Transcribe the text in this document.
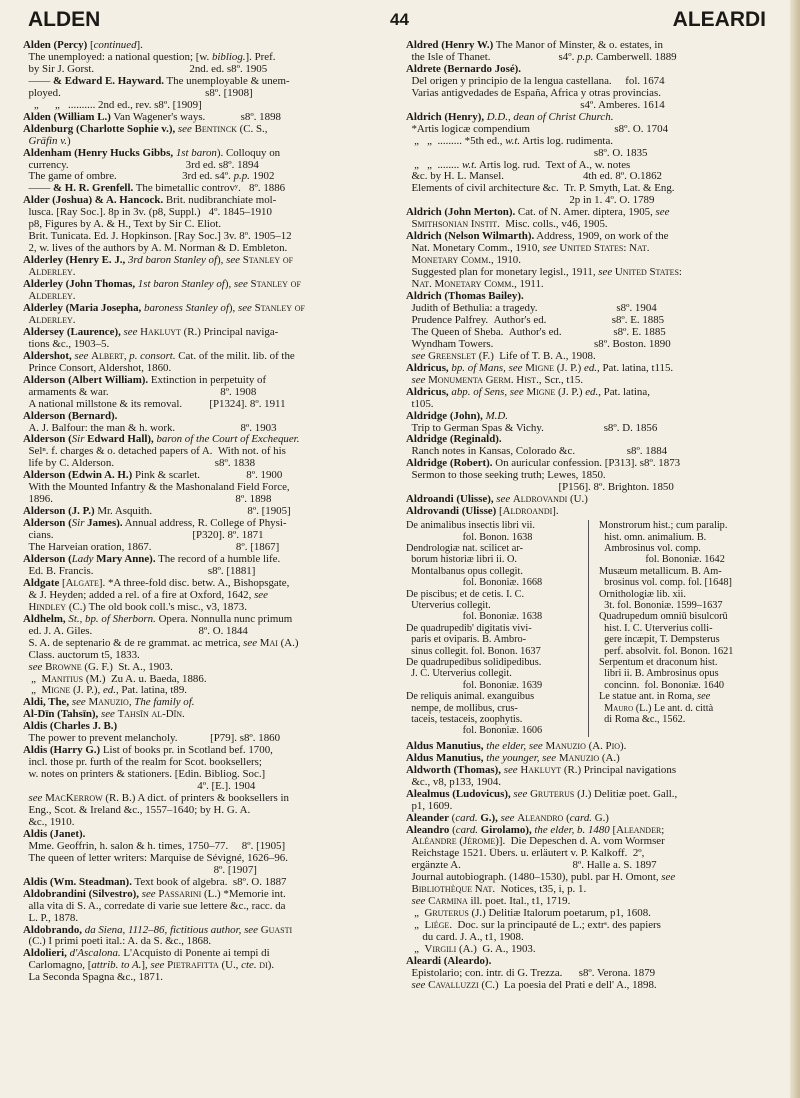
ALDEN	44	ALEARDI
Alden (Percy) [continued].
The unemployed: a national question; [w. bibliog.]. Pref.
by Sir J. Gorst.                                   2nd. ed. s8º. 1905
—— & Edward E. Hayward. The unemployable & unem-
ployed.                                                     s8º. [1908]
„      „   .......... 2nd ed., rev. s8º. [1909]
Alden (William L.) Van Wagener's ways.             s8º. 1898
Aldenburg (Charlotte Sophie v.), see Bentinck (C. S.,
Gräfin v.)
Aldenham (Henry Hucks Gibbs, 1st baron). Colloquy on
currency.                                           3rd ed. s8º. 1894
The game of ombre.                        3rd ed. s4º. p.p. 1902
—— & H. R. Grenfell. The bimetallic controvʸ.   8º. 1886
Alder (Joshua) & A. Hancock. Brit. nudibranchiate mol-
lusca. [Ray Soc.]. 8p in 3v. (p8, Suppl.)   4º. 1845–1910
p8, Figures by A. & H., Text by Sir C. Eliot.
Brit. Tunicata. Ed. J. Hopkinson. [Ray Soc.] 3v. 8º. 1905–12
2, w. lives of the authors by A. M. Norman & D. Embleton.
Alderley (Henry E. J., 3rd baron Stanley of), see Stanley of
Alderley.
Alderley (John Thomas, 1st baron Stanley of), see Stanley of
Alderley.
Alderley (Maria Josepha, baroness Stanley of), see Stanley of
Alderley.
Aldersey (Laurence), see Hakluyt (R.) Principal naviga-
tions &c., 1903–5.
Aldershot, see Albert, p. consort. Cat. of the milit. lib. of the
Prince Consort, Aldershot, 1860.
Alderson (Albert William). Extinction in perpetuity of
armaments & war.                                         8º. 1908
A national millstone & its removal.          [P1324]. 8º. 1911
Alderson (Bernard).
A. J. Balfour: the man & h. work.                        8º. 1903
Alderson (Sir Edward Hall), baron of the Court of Exchequer.
Selⁿ. f. charges & o. detached papers of A.  With not. of his
life by C. Alderson.                                     s8º. 1838
Alderson (Edwin A. H.) Pink & scarlet.                 8º. 1900
With the Mounted Infantry & the Mashonaland Field Force,
1896.                                                                   8º. 1898
Alderson (J. P.) Mr. Asquith.                                   8º. [1905]
Alderson (Sir James). Annual address, R. College of Physi-
cians.                                                   [P320]. 8º. 1871
The Harveian oration, 1867.                               8º. [1867]
Alderson (Lady Mary Anne). The record of a humble life.
Ed. B. Francis.                                          s8º. [1881]
Aldgate [Algate]. *A three-fold disc. betw. A., Bishopsgate,
& J. Heyden; added a rel. of a fire at Oxford, 1642, see
Hindley (C.) The old book coll.'s misc., v3, 1873.
Aldhelm, St., bp. of Sherborn. Opera. Nonnulla nunc primum
ed. J. A. Giles.                                       8º. O. 1844
S. A. de septenario & de re grammat. ac metrica, see Mai (A.)
Class. auctorum t5, 1833.
see Browne (G. F.)  St. A., 1903.
„  Manitius (M.)  Zu A. u. Baeda, 1886.
„  Migne (J. P.), ed., Pat. latina, t89.
Aldi, The, see Manuzio, The family of.
Al-Dīn (Tahsīn), see Tahsīn al-Dīn.
Aldis (Charles J. B.)
The power to prevent melancholy.            [P79]. s8º. 1860
Aldis (Harry G.) List of books pr. in Scotland bef. 1700,
incl. those pr. furth of the realm for Scot. booksellers;
w. notes on printers & stationers. [Edin. Bibliog. Soc.]
4º. [E.]. 1904
see MacKerrow (R. B.) A dict. of printers & booksellers in
Eng., Scot. & Ireland &c., 1557–1640; by H. G. A.
&c., 1910.
Aldis (Janet).
Mme. Geoffrin, h. salon & h. times, 1750–77.     8º. [1905]
The queen of letter writers: Marquise de Sévigné, 1626–96.
8º. [1907]
Aldis (Wm. Steadman). Text book of algebra.  s8º. O. 1887
Aldobrandini (Silvestro), see Passarini (L.) *Memorie int.
alla vita di S. A., corredate di varie sue lettere &c., racc. da
L. P., 1878.
Aldobrando, da Siena, 1112–86, fictitious author, see Guasti
(C.) I primi poeti ital.: A. da S. &c., 1868.
Aldolieri, d'Ascalona. L'Acquisto di Ponente ai tempi di
Carlomagno, [attrib. to A.], see Pietrafitta (U., cte. di).
La Seconda Spagna &c., 1871.
Aldred (Henry W.) The Manor of Minster, & o. estates, in
the Isle of Thanet.                         s4º. p.p. Camberwell. 1889
Aldrete (Bernardo José).
Del origen y principio de la lengua castellana.     fol. 1674
Varias antigvedades de España, Africa y otras provincias.
s4º. Amberes. 1614
Aldrich (Henry), D.D., dean of Christ Church.
*Artis logicæ compendium                               s8º. O. 1704
„   „  ......... *5th ed., w.t. Artis log. rudimenta.
s8º. O. 1835
„   „  ........ w.t. Artis log. rud.  Text of A., w. notes
&c. by H. L. Mansel.                             4th ed. 8º. O.1862
Elements of civil architecture &c.  Tr. P. Smyth, Lat. & Eng.
2p in 1. 4º. O. 1789
Aldrich (John Merton). Cat. of N. Amer. diptera, 1905, see
Smithsonian Instit.  Misc. colls., v46, 1905.
Aldrich (Nelson Wilmarth). Address, 1909, on work of the
Nat. Monetary Comm., 1910, see United States: Nat.
Monetary Comm., 1910.
Suggested plan for monetary legisl., 1911, see United States:
Nat. Monetary Comm., 1911.
Aldrich (Thomas Bailey).
Judith of Bethulia: a tragedy.                             s8º. 1904
Prudence Palfrey.  Author's ed.                        s8º. E. 1885
The Queen of Sheba.  Author's ed.                   s8º. E. 1885
Wyndham Towers.                                     s8º. Boston. 1890
see Greenslet (F.)  Life of T. B. A., 1908.
Aldricus, bp. of Mans, see Migne (J. P.) ed., Pat. latina, t115.
see Monumenta Germ. Hist., Scr., t15.
Aldricus, abp. of Sens, see Migne (J. P.) ed., Pat. latina,
t105.
Aldridge (John), M.D.
Trip to German Spas & Vichy.                      s8º. D. 1856
Aldridge (Reginald).
Ranch notes in Kansas, Colorado &c.                   s8º. 1884
Aldridge (Robert). On auricular confession. [P313]. s8º. 1873
Sermon to those seeking truth; Lewes, 1850.
[P156]. 8º. Brighton. 1850
Aldroandi (Ulisse), see Aldrovandi (U.)
Aldrovandi (Ulisse) [Aldroandi].
De animalibus insectis libri vii.
fol. Bonon. 1638
Dendrologiæ nat. scilicet ar-
borum historiæ libri ii. O.
Montalbanus opus collegit.
fol. Bononiæ. 1668
De piscibus; et de cetis. I. C.
Uterverius collegit.
fol. Bononiæ. 1638
De quadrupedib' digitatis vivi-
paris et oviparis. B. Ambro-
sinus collegit. fol. Bonon. 1637
De quadrupedibus solidipedibus.
J. C. Uterverius collegit.
fol. Bononiæ. 1639
De reliquis animal. exanguibus
nempe, de mollibus, crus-
taceis, testaceis, zoophytis.
fol. Bononiæ. 1606
Monstrorum hist.; cum paralip.
hist. omn. animalium. B.
Ambrosinus vol. comp.
fol. Bononiæ. 1642
Musæum metallicum. B. Am-
brosinus vol. comp. fol. [1648]
Ornithologiæ lib. xii.
3t. fol. Bononiæ. 1599–1637
Quadrupedum omniū bisulcorū
hist. I. C. Uterverius colli-
gere incæpit, T. Dempsterus
perf. absolvit. fol. Bonon. 1621
Serpentum et draconum hist.
libri ii. B. Ambrosinus opus
concinn.  fol. Bononiæ. 1640
Le statue ant. in Roma, see
Mauro (L.) Le ant. d. città
di Roma &c., 1562.
Aldus Manutius, the elder, see Manuzio (A. Pio).
Aldus Manutius, the younger, see Manuzio (A.)
Aldworth (Thomas), see Hakluyt (R.) Principal navigations
&c., v8, p133, 1904.
Alealmus (Ludovicus), see Gruterus (J.) Delitiæ poet. Gall.,
p1, 1609.
Aleander (card. G.), see Aleandro (card. G.)
Aleandro (card. Girolamo), the elder, b. 1480 [Aleander;
Aléandre (Jérome)].  Die Depeschen d. A. vom Wormser
Reichstage 1521. Übers. u. erläutert v. P. Kalkoff.  2º,
ergänzte A.                                         8º. Halle a. S. 1897
Journal autobiograph. (1480–1530), publ. par H. Omont, see
Bibliothèque Nat.  Notices, t35, i, p. 1.
see Carmina ill. poet. Ital., t1, 1719.
„  Gruterus (J.) Delitiæ Italorum poetarum, p1, 1608.
„  Liége.  Doc. sur la principauté de L.; extrˢ. des papiers
du card. J. A., t1, 1908.
„  Virgili (A.)  G. A., 1903.
Aleardi (Aleardo).
Epistolario; con. intr. di G. Trezza.      s8º. Verona. 1879
see Cavalluzzi (C.)  La poesia del Prati e dell' A., 1898.
